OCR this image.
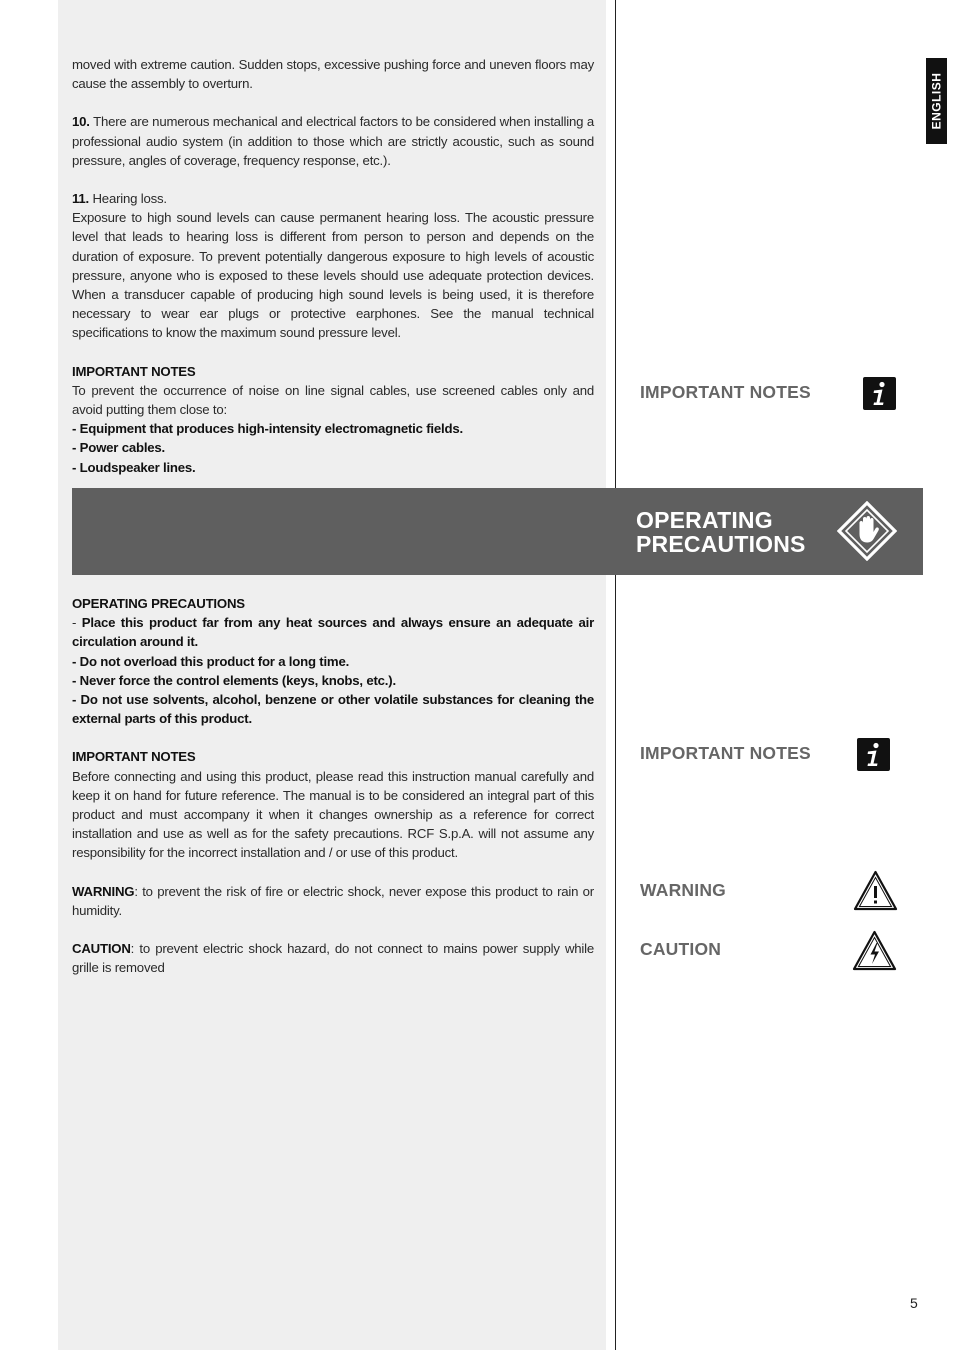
ENGLISH

moved with extreme caution. Sudden stops, excessive pushing force and uneven floors may cause the assembly to overturn.

10. There are numerous mechanical and electrical factors to be considered when installing a professional audio system (in addition to those which are strictly acoustic, such as sound pressure, angles of coverage, frequency response, etc.).

11. Hearing loss.

Exposure to high sound levels can cause permanent hearing loss. The acoustic pressure level that leads to hearing loss is different from person to person and depends on the duration of exposure. To prevent potentially dangerous exposure to high levels of acoustic pressure, anyone who is exposed to these levels should use adequate protection devices. When a transducer capable of producing high sound levels is being used, it is therefore necessary to wear ear plugs or protective earphones. See the manual technical specifications to know the maximum sound pressure level.

IMPORTANT NOTES

To prevent the occurrence of noise on line signal cables, use screened cables only and avoid putting them close to:

- Equipment that produces high-intensity electromagnetic fields.

- Power cables.

- Loudspeaker lines.

IMPORTANT NOTES
OPERATING
PRECAUTIONS

OPERATING PRECAUTIONS

- Place this product far from any heat sources and always ensure an adequate air circulation around it.

- Do not overload this product for a long time.

- Never force the control elements (keys, knobs, etc.).

- Do not use solvents, alcohol, benzene or other volatile substances for cleaning the external parts of this product.

IMPORTANT NOTES

Before connecting and using this product, please read this instruction manual carefully and keep it on hand for future reference. The manual is to be considered an integral part of this product and must accompany it when it changes ownership as a reference for correct installation and use as well as for the safety precautions. RCF S.p.A. will not assume any responsibility for the incorrect installation and / or use of this product.

WARNING: to prevent the risk of fire or electric shock, never expose this product to rain or humidity.

CAUTION: to prevent electric shock hazard, do not connect to mains power supply while grille is removed

IMPORTANT NOTES
WARNING
CAUTION
5
